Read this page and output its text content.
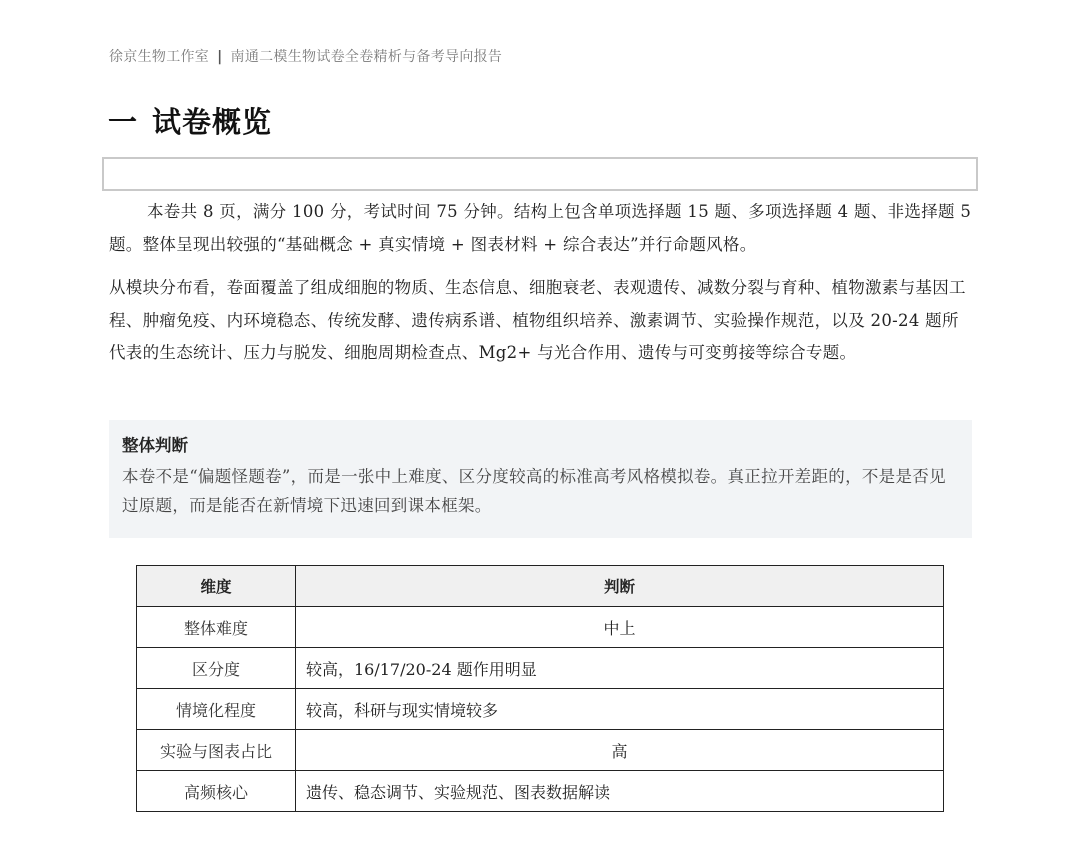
徐京生物工作室 | 南通二模生物试卷全卷精析与备考导向报告
一 试卷概览

本卷共 8 页，满分 100 分，考试时间 75 分钟。结构上包含单项选择题 15 题、多项选择题 4 题、非选择题 5 题。整体呈现出较强的“基础概念 + 真实情境 + 图表材料 + 综合表达”并行命题风格。

从模块分布看，卷面覆盖了组成细胞的物质、生态信息、细胞衰老、表观遗传、减数分裂与育种、植物激素与基因工程、肿瘤免疫、内环境稳态、传统发酵、遗传病系谱、植物组织培养、激素调节、实验操作规范，以及 20-24 题所代表的生态统计、压力与脱发、细胞周期检查点、Mg2+ 与光合作用、遗传与可变剪接等综合专题。

整体判断
本卷不是“偏题怪题卷”，而是一张中上难度、区分度较高的标准高考风格模拟卷。真正拉开差距的，不是是否见过原题，而是能否在新情境下迅速回到课本框架。
维度	判断
整体难度	中上
区分度	较高，16/17/20-24 题作用明显
情境化程度	较高，科研与现实情境较多
实验与图表占比	高
高频核心	遗传、稳态调节、实验规范、图表数据解读
